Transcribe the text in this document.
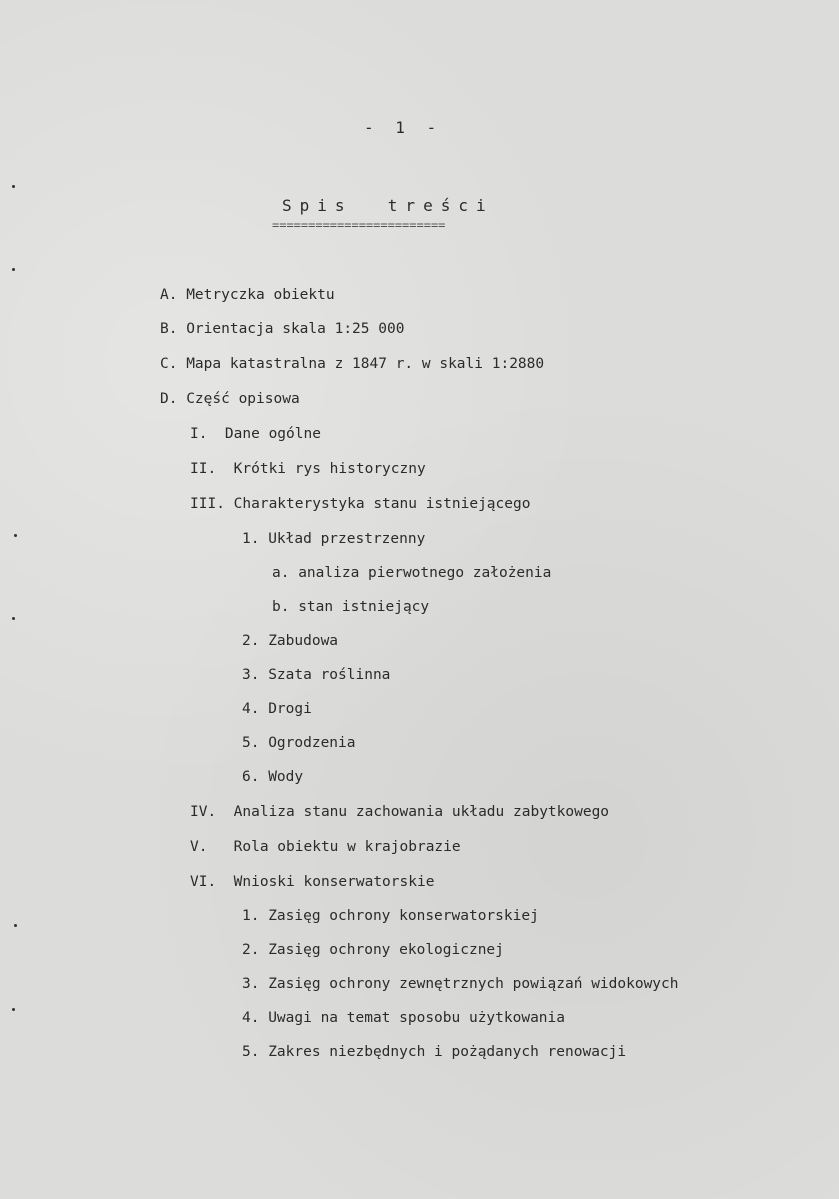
- 1 -
Spis  treści
========================
A. Metryczka obiektu
B. Orientacja skala 1:25 000
C. Mapa katastralna z 1847 r. w skali 1:2880
D. Część opisowa
I.  Dane ogólne
II.  Krótki rys historyczny
III. Charakterystyka stanu istniejącego
1. Układ przestrzenny
a. analiza pierwotnego założenia
b. stan istniejący
2. Zabudowa
3. Szata roślinna
4. Drogi
5. Ogrodzenia
6. Wody
IV.  Analiza stanu zachowania układu zabytkowego
V.   Rola obiektu w krajobrazie
VI.  Wnioski konserwatorskie
1. Zasięg ochrony konserwatorskiej
2. Zasięg ochrony ekologicznej
3. Zasięg ochrony zewnętrznych powiązań widokowych
4. Uwagi na temat sposobu użytkowania
5. Zakres niezbędnych i pożądanych renowacji
